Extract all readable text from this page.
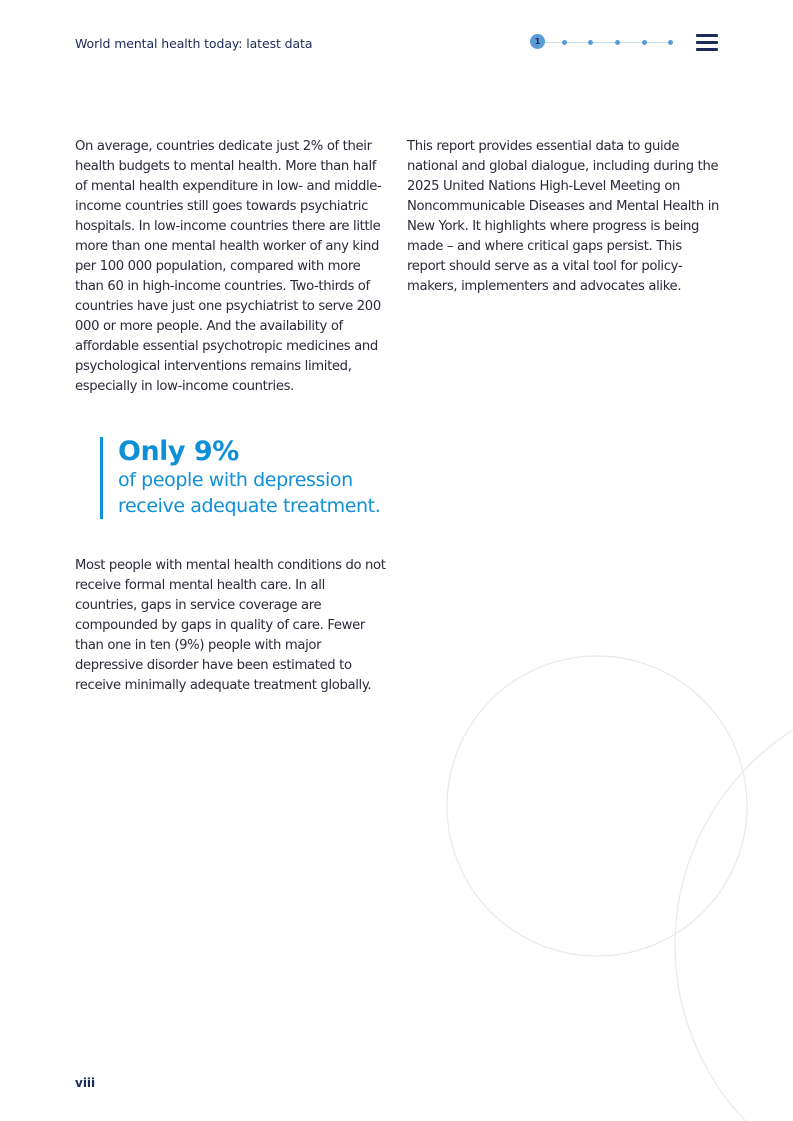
World mental health today: latest data	1

On average, countries dedicate just 2% of their health budgets to mental health. More than half of mental health expenditure in low- and middle-income countries still goes towards psychiatric hospitals. In low-income countries there are little more than one mental health worker of any kind per 100 000 population, compared with more than 60 in high-income countries. Two-thirds of countries have just one psychiatrist to serve 200 000 or more people. And the availability of affordable essential psychotropic medicines and psychological interventions remains limited, especially in low-income countries.

This report provides essential data to guide national and global dialogue, including during the 2025 United Nations High-Level Meeting on Noncommunicable Diseases and Mental Health in New York. It highlights where progress is being made – and where critical gaps persist. This report should serve as a vital tool for policy-makers, implementers and advocates alike.

Only 9%
of people with depression
receive adequate treatment.

Most people with mental health conditions do not receive formal mental health care. In all countries, gaps in service coverage are compounded by gaps in quality of care. Fewer than one in ten (9%) people with major depressive disorder have been estimated to receive minimally adequate treatment globally.

viii
